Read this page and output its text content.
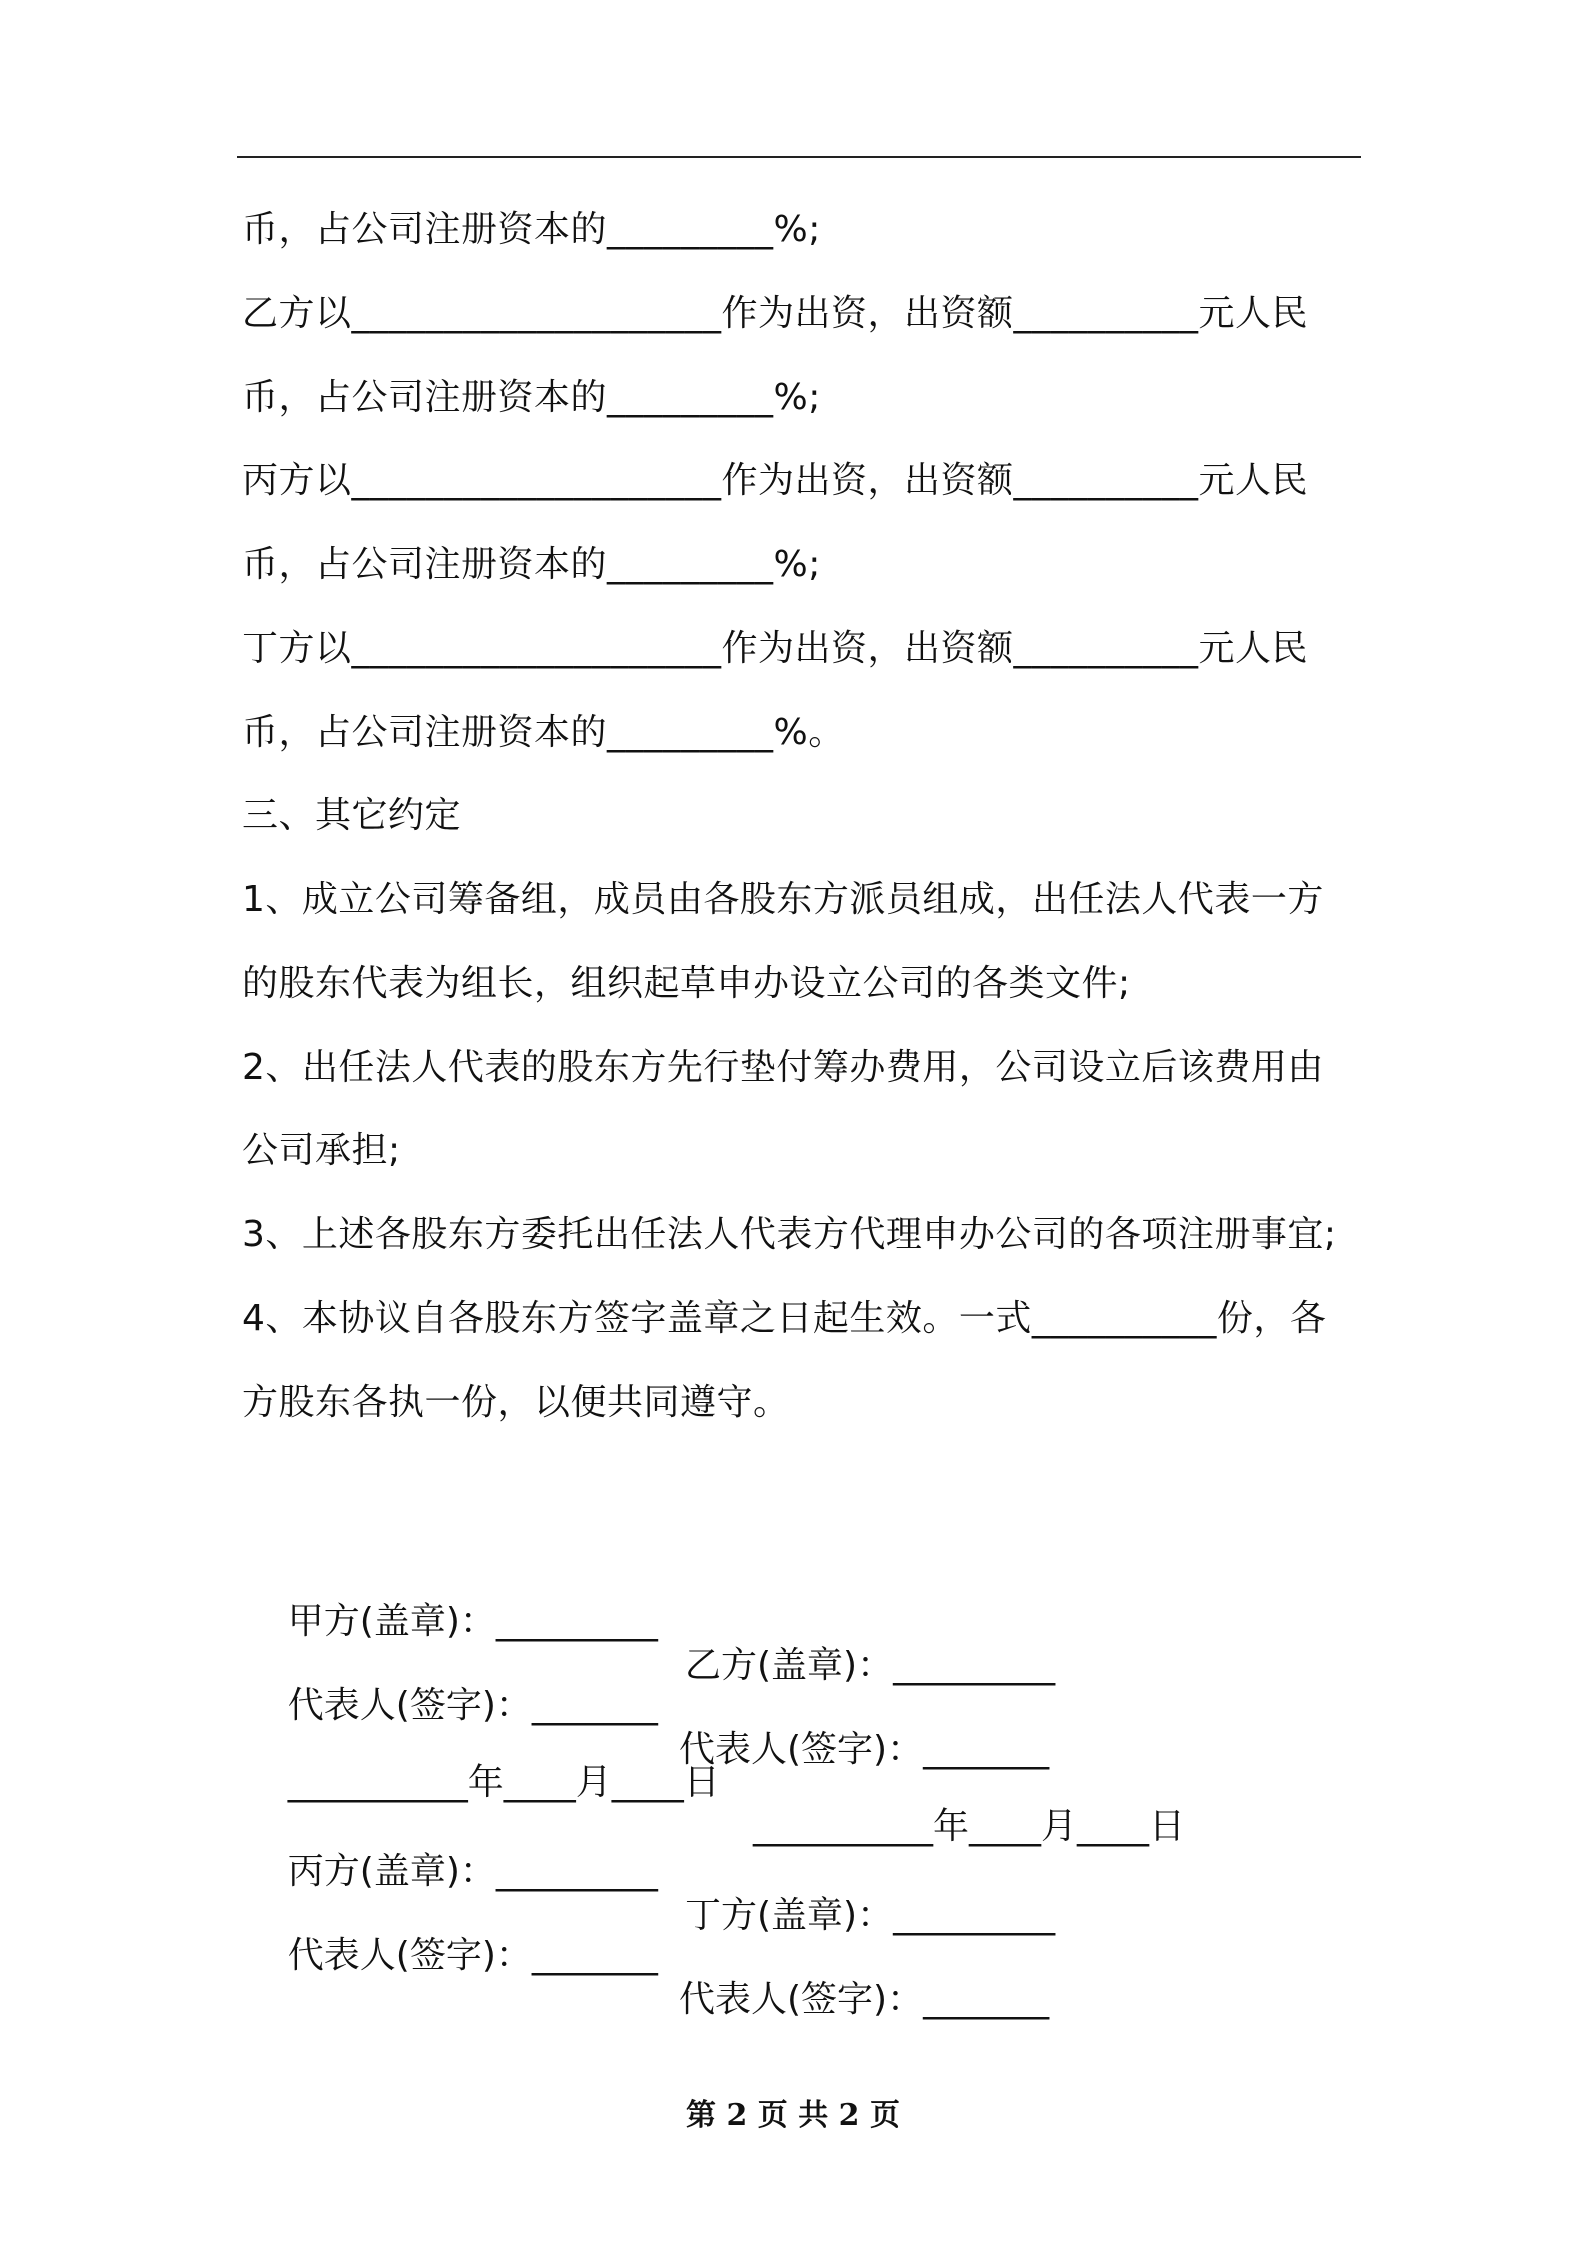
币，占公司注册资本的_________%;
乙方以____________________作为出资，出资额__________元人民
币，占公司注册资本的_________%;
丙方以____________________作为出资，出资额__________元人民
币，占公司注册资本的_________%;
丁方以____________________作为出资，出资额__________元人民
币，占公司注册资本的_________%。
三、其它约定
1、成立公司筹备组，成员由各股东方派员组成，出任法人代表一方
的股东代表为组长，组织起草申办设立公司的各类文件;
2、出任法人代表的股东方先行垫付筹办费用，公司设立后该费用由
公司承担;
3、上述各股东方委托出任法人代表方代理申办公司的各项注册事宜;
4、本协议自各股东方签字盖章之日起生效。一式__________份，各
方股东各执一份，以便共同遵守。

甲方(盖章)：_________

乙方(盖章)：_________

代表人(签字)：_______

代表人(签字)：_______

__________年____月____日

__________年____月____日

丙方(盖章)：_________

丁方(盖章)：_________

代表人(签字)：_______

代表人(签字)：_______

第 2 页 共 2 页
